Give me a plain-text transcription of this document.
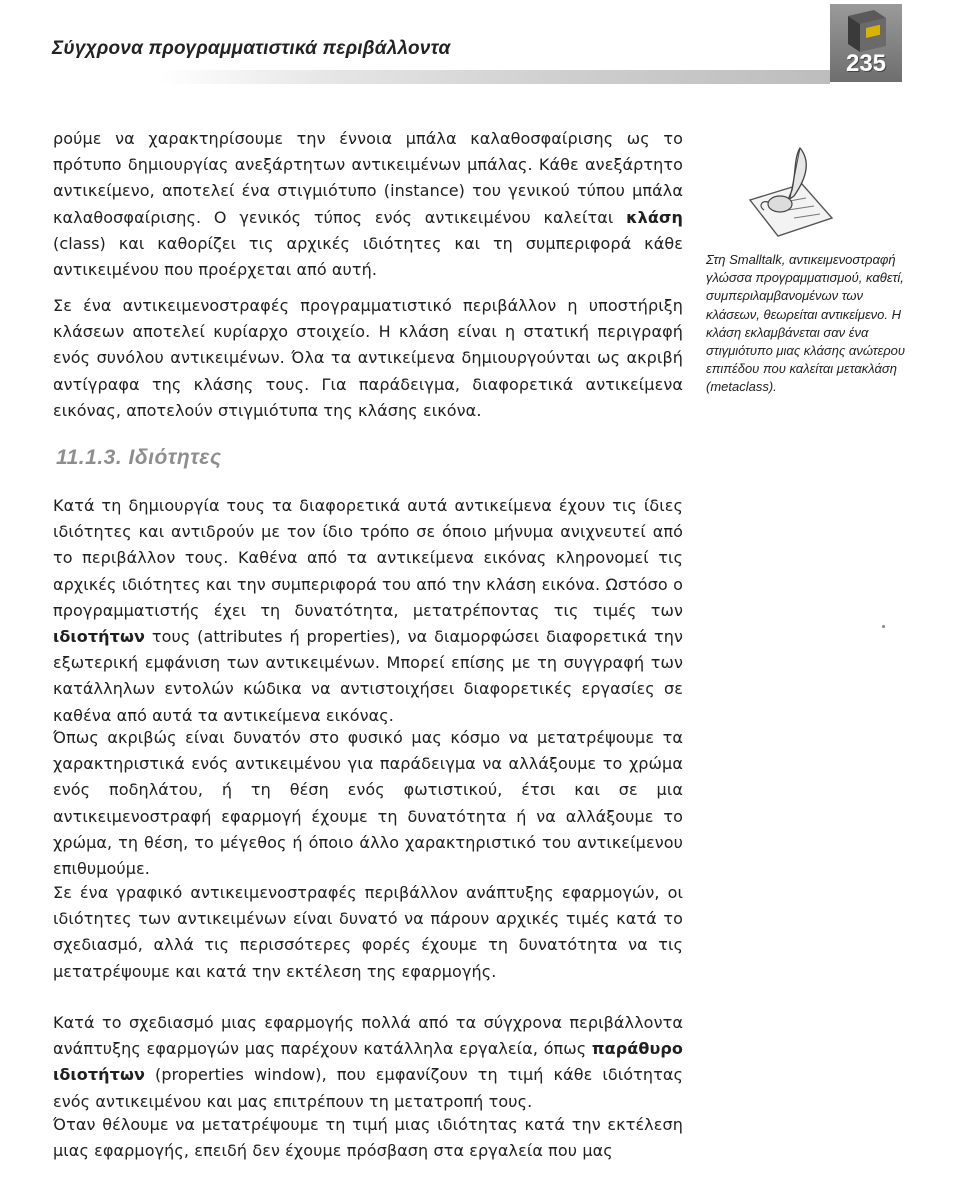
Σύγχρονα προγραμματιστικά περιβάλλοντα
235

ρούμε να χαρακτηρίσουμε την έννοια μπάλα καλαθοσφαίρισης ως το πρότυπο δημιουργίας ανεξάρτητων αντικειμένων μπάλας. Κάθε ανεξάρτητο αντικείμενο, αποτελεί ένα στιγμιότυπο (instance) του γενικού τύπου μπάλα καλαθοσφαίρισης. Ο γενικός τύπος ενός αντικειμένου καλείται κλάση (class) και καθορίζει τις αρχικές ιδιότητες και τη συμπεριφορά κάθε αντικειμένου που προέρχεται από αυτή.

Σε ένα αντικειμενοστραφές προγραμματιστικό περιβάλλον η υποστήριξη κλάσεων αποτελεί κυρίαρχο στοιχείο. Η κλάση είναι η στατική περιγραφή ενός συνόλου αντικειμένων. Όλα τα αντικείμενα δημιουργούνται ως ακριβή αντίγραφα της κλάσης τους. Για παράδειγμα, διαφορετικά αντικείμενα εικόνας, αποτελούν στιγμιότυπα της κλάσης εικόνα.

11.1.3. Ιδιότητες

Κατά τη δημιουργία τους τα διαφορετικά αυτά αντικείμενα έχουν τις ίδιες ιδιότητες και αντιδρούν με τον ίδιο τρόπο σε όποιο μήνυμα ανιχνευτεί από το περιβάλλον τους. Καθένα από τα αντικείμενα εικόνας κληρονομεί τις αρχικές ιδιότητες και την συμπεριφορά του από την κλάση εικόνα. Ωστόσο ο προγραμματιστής έχει τη δυνατότητα, μετατρέποντας τις τιμές των ιδιοτήτων τους (attributes ή properties), να διαμορφώσει διαφορετικά την εξωτερική εμφάνιση των αντικειμένων. Μπορεί επίσης με τη συγγραφή των κατάλληλων εντολών κώδικα να αντιστοιχήσει διαφορετικές εργασίες σε καθένα από αυτά τα αντικείμενα εικόνας.

Όπως ακριβώς είναι δυνατόν στο φυσικό μας κόσμο να μετατρέψουμε τα χαρακτηριστικά ενός αντικειμένου για παράδειγμα να αλλάξουμε το χρώμα ενός ποδηλάτου, ή τη θέση ενός φωτιστικού, έτσι και σε μια αντικειμενοστραφή εφαρμογή έχουμε τη δυνατότητα ή να αλλάξουμε το χρώμα, τη θέση, το μέγεθος ή όποιο άλλο χαρακτηριστικό του αντικείμενου επιθυμούμε.

Σε ένα γραφικό αντικειμενοστραφές περιβάλλον ανάπτυξης εφαρμογών, οι ιδιότητες των αντικειμένων είναι δυνατό να πάρουν αρχικές τιμές κατά το σχεδιασμό, αλλά τις περισσότερες φορές έχουμε τη δυνατότητα να τις μετατρέψουμε και κατά την εκτέλεση της εφαρμογής.

Κατά το σχεδιασμό μιας εφαρμογής πολλά από τα σύγχρονα περιβάλλοντα ανάπτυξης εφαρμογών μας παρέχουν κατάλληλα εργαλεία, όπως παράθυρο ιδιοτήτων (properties window), που εμφανίζουν τη τιμή κάθε ιδιότητας ενός αντικειμένου και μας επιτρέπουν τη μετατροπή τους.

Όταν θέλουμε να μετατρέψουμε τη τιμή μιας ιδιότητας κατά την εκτέλεση μιας εφαρμογής, επειδή δεν έχουμε πρόσβαση στα εργαλεία που μας

Στη Smalltalk, αντικειμενοστραφή γλώσσα προγραμματισμού, καθετί, συμπεριλαμβανομένων των κλάσεων, θεωρείται αντικείμενο. Η κλάση εκλαμβάνεται σαν ένα στιγμιότυπο μιας κλάσης ανώτερου επιπέδου που καλείται μετακλάση (metaclass).
